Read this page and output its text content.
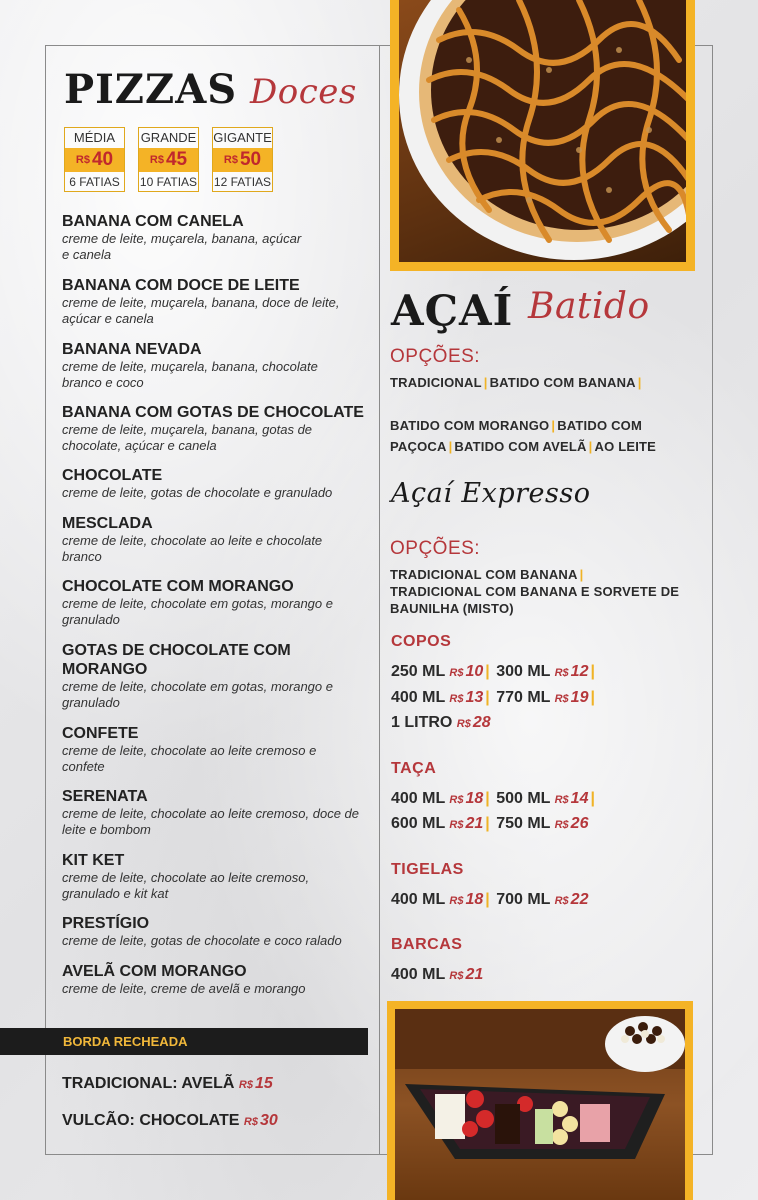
PIZZAS Doces
MÉDIA
R$ 40
6 FATIAS
GRANDE
R$ 45
10 FATIAS
GIGANTE
R$ 50
12 FATIAS
BANANA COM CANELA
creme de leite, muçarela, banana, açúcar e canela
BANANA COM DOCE DE LEITE
creme de leite, muçarela, banana, doce de leite, açúcar e canela
BANANA NEVADA
creme de leite, muçarela, banana, chocolate branco e coco
BANANA COM GOTAS DE CHOCOLATE
creme de leite, muçarela, banana, gotas de chocolate, açúcar e canela
CHOCOLATE
creme de leite, gotas de chocolate e granulado
MESCLADA
creme de leite, chocolate ao leite e chocolate branco
CHOCOLATE COM MORANGO
creme de leite, chocolate em gotas, morango e granulado
GOTAS DE CHOCOLATE COM MORANGO
creme de leite, chocolate em gotas, morango e granulado
CONFETE
creme de leite, chocolate ao leite cremoso e confete
SERENATA
creme de leite, chocolate ao leite cremoso, doce de leite e bombom
KIT KET
creme de leite, chocolate ao leite cremoso, granulado e kit kat
PRESTÍGIO
creme de leite, gotas de chocolate e coco ralado
AVELÃ COM MORANGO
creme de leite, creme de avelã e morango
BORDA RECHEADA
TRADICIONAL: AVELÃ R$ 15
VULCÃO: CHOCOLATE R$ 30
AÇAÍ Batido
OPÇÕES:
TRADICIONAL | BATIDO COM BANANA |
BATIDO COM MORANGO | BATIDO COM PAÇOCA | BATIDO COM AVELÃ | AO LEITE
Açaí Expresso
OPÇÕES:
TRADICIONAL COM BANANA |
TRADICIONAL COM BANANA E SORVETE DE BAUNILHA (MISTO)
COPOS
250 ML R$ 10 | 300 ML R$ 12 |
400 ML R$ 13 | 770 ML R$ 19 |
1 LITRO R$ 28
TAÇA
400 ML R$ 18 | 500 ML R$ 14 |
600 ML R$ 21 | 750 ML R$ 26
TIGELAS
400 ML R$ 18 | 700 ML R$ 22
BARCAS
400 ML R$ 21
